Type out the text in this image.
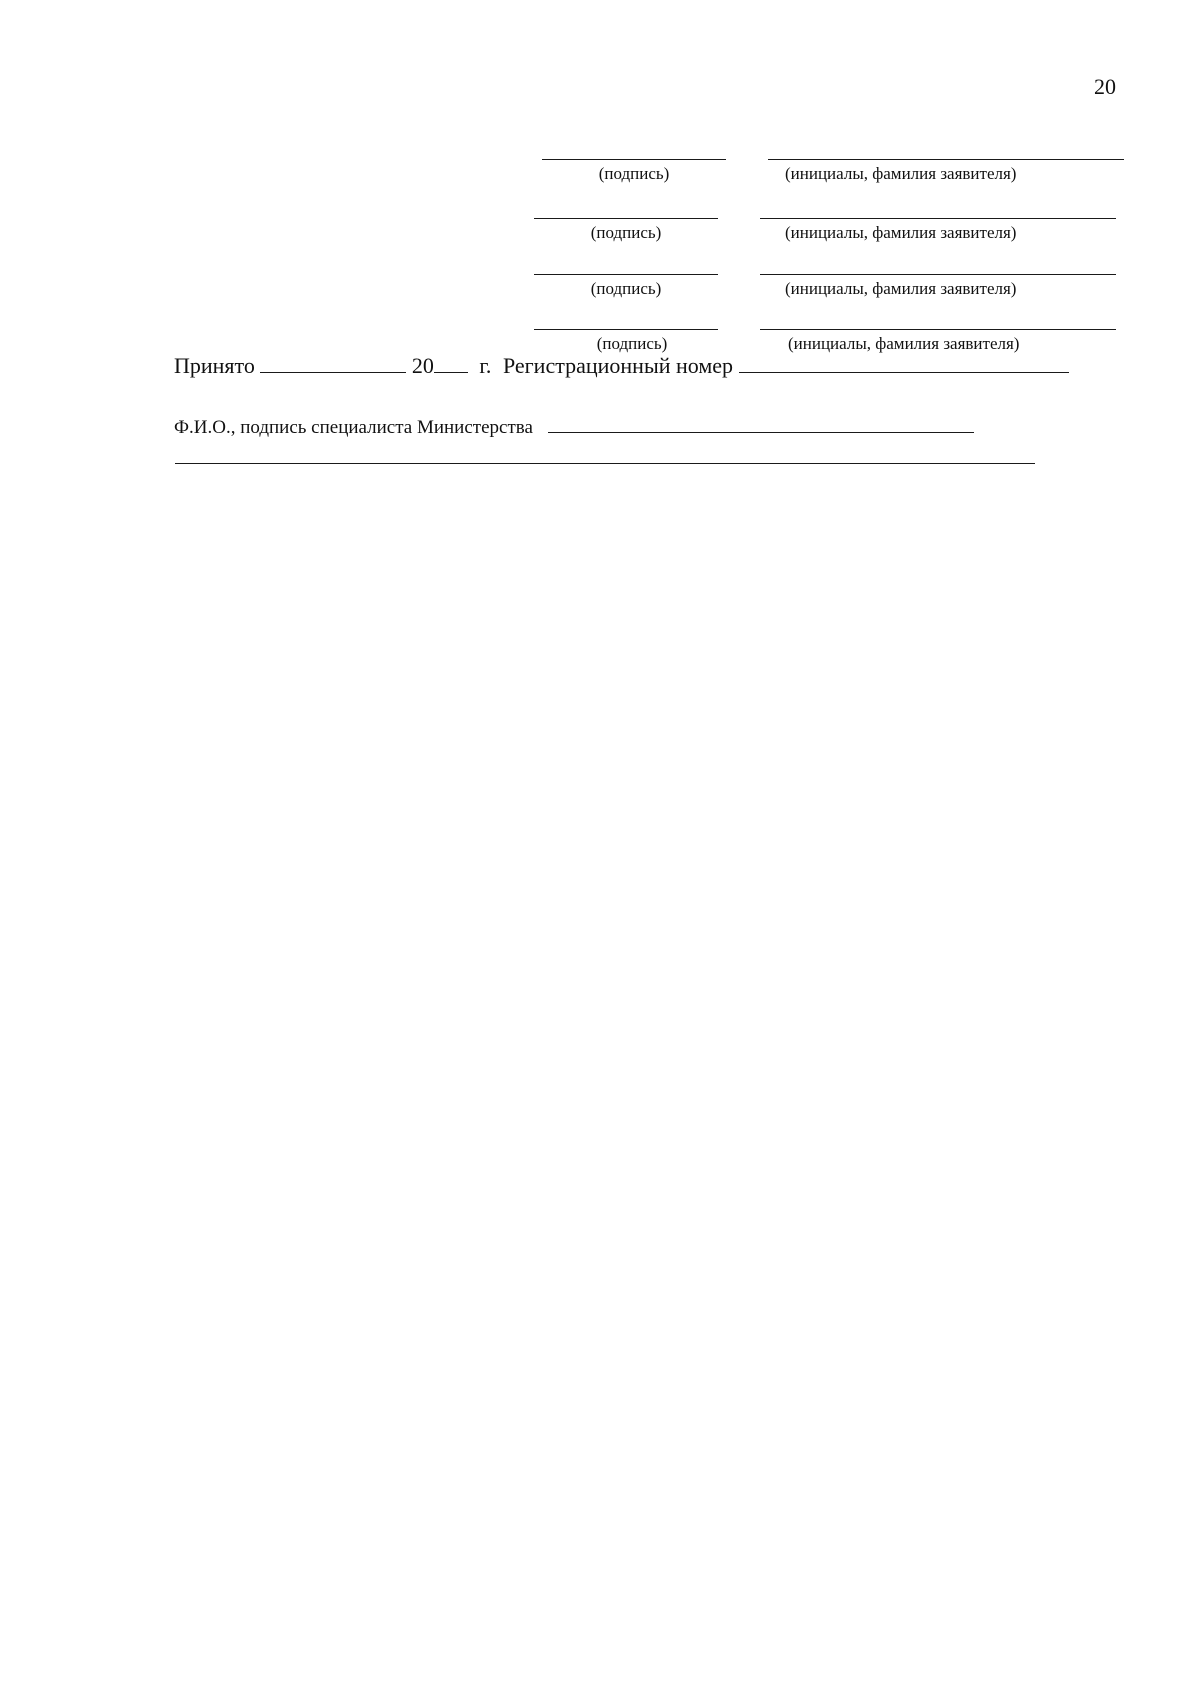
20
(подпись)	(инициалы, фамилия заявителя)
(подпись)	(инициалы, фамилия заявителя)
(подпись)	(инициалы, фамилия заявителя)
(подпись)	(инициалы, фамилия заявителя)
Принято	20 г. Регистрационный номер
Ф.И.О., подпись специалиста Министерства
